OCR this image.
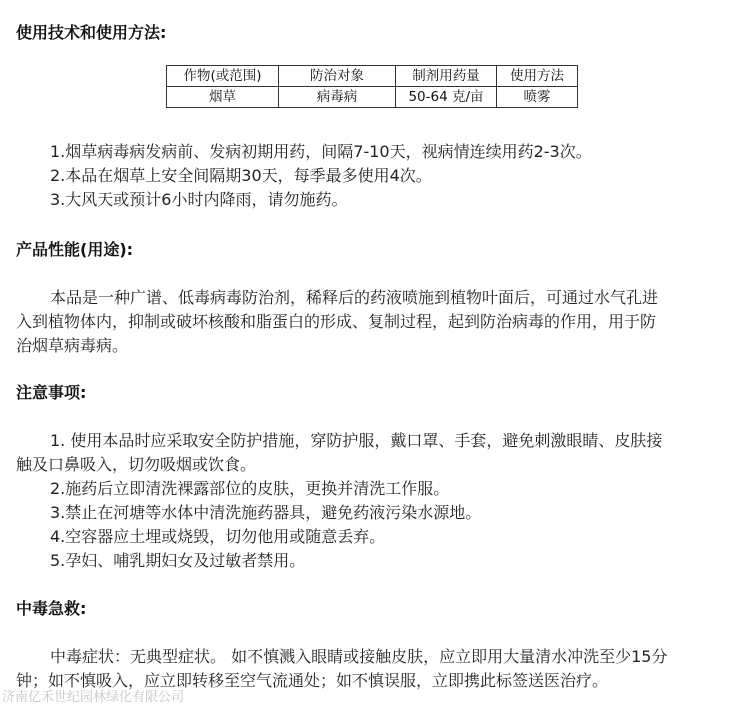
使用技术和使用方法:
作物(或范围)	防治对象	制剂用药量	使用方法
烟草	病毒病	50-64 克/亩	喷雾
1.烟草病毒病发病前、发病初期用药，间隔7-10天，视病情连续用药2-3次。
2.本品在烟草上安全间隔期30天，每季最多使用4次。
3.大风天或预计6小时内降雨，请勿施药。
产品性能(用途):
本品是一种广谱、低毒病毒防治剂，稀释后的药液喷施到植物叶面后，可通过水气孔进
入到植物体内，抑制或破坏核酸和脂蛋白的形成、复制过程，起到防治病毒的作用，用于防
治烟草病毒病。
注意事项:
1. 使用本品时应采取安全防护措施，穿防护服，戴口罩、手套，避免刺激眼睛、皮肤接
触及口鼻吸入，切勿吸烟或饮食。
2.施药后立即清洗裸露部位的皮肤，更换并清洗工作服。
3.禁止在河塘等水体中清洗施药器具，避免药液污染水源地。
4.空容器应土埋或烧毁，切勿他用或随意丢弃。
5.孕妇、哺乳期妇女及过敏者禁用。
中毒急救:
中毒症状：无典型症状。 如不慎溅入眼睛或接触皮肤，应立即用大量清水冲洗至少15分
钟；如不慎吸入，应立即转移至空气流通处；如不慎误服，立即携此标签送医治疗。
济南亿禾世纪园林绿化有限公司
